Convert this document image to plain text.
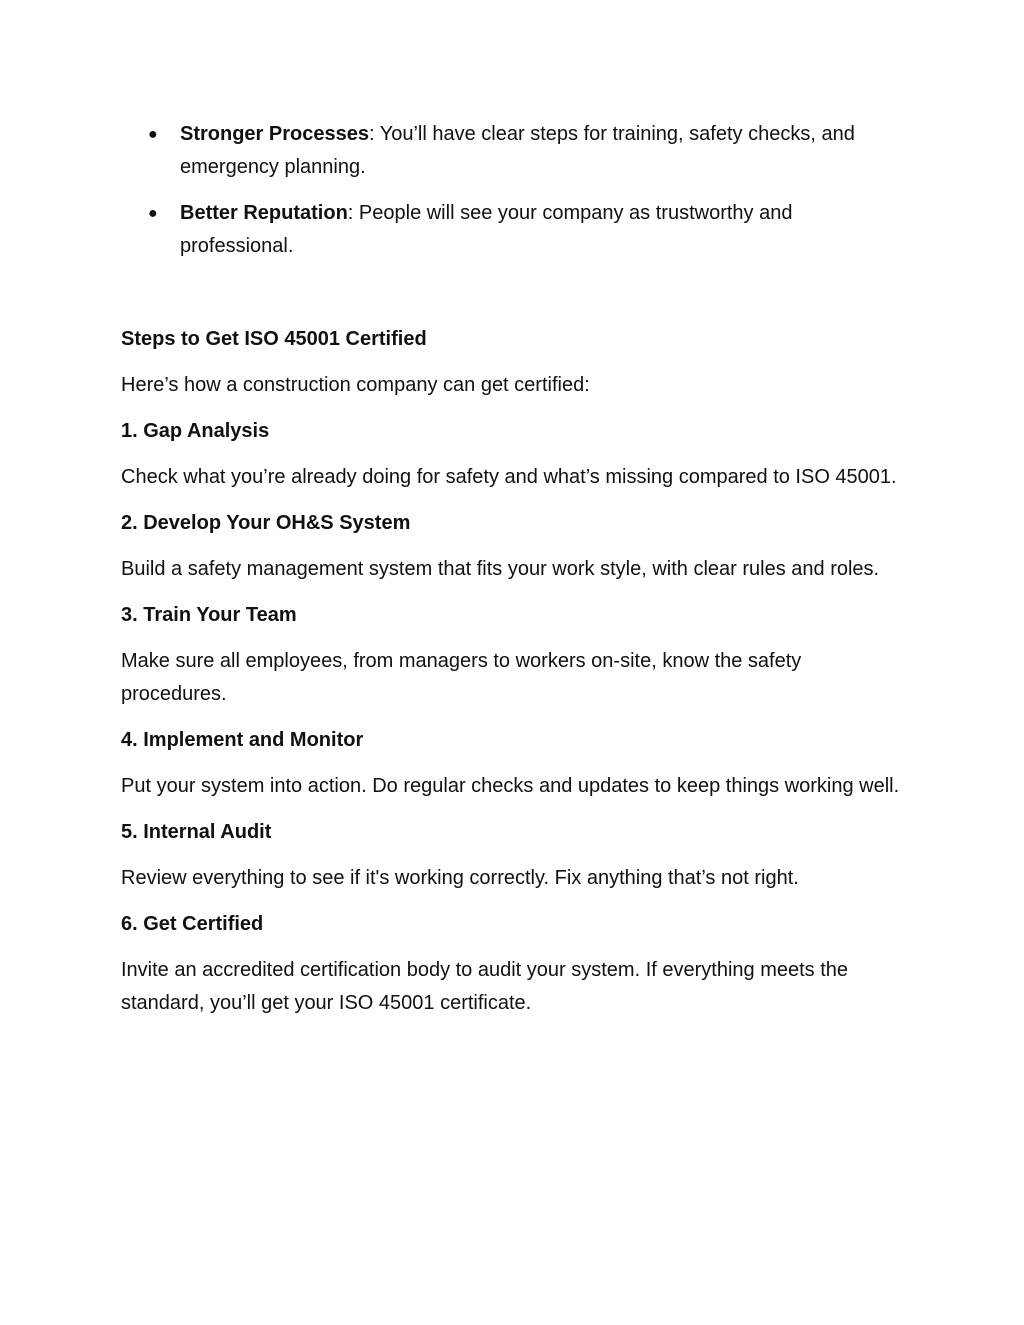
● Stronger Processes: You’ll have clear steps for training, safety checks, and emergency planning.
● Better Reputation: People will see your company as trustworthy and professional.
Steps to Get ISO 45001 Certified
Here’s how a construction company can get certified:
1. Gap Analysis
Check what you’re already doing for safety and what’s missing compared to ISO 45001.
2. Develop Your OH&S System
Build a safety management system that fits your work style, with clear rules and roles.
3. Train Your Team
Make sure all employees, from managers to workers on-site, know the safety procedures.
4. Implement and Monitor
Put your system into action. Do regular checks and updates to keep things working well.
5. Internal Audit
Review everything to see if it's working correctly. Fix anything that’s not right.
6. Get Certified
Invite an accredited certification body to audit your system. If everything meets the standard, you’ll get your ISO 45001 certificate.
